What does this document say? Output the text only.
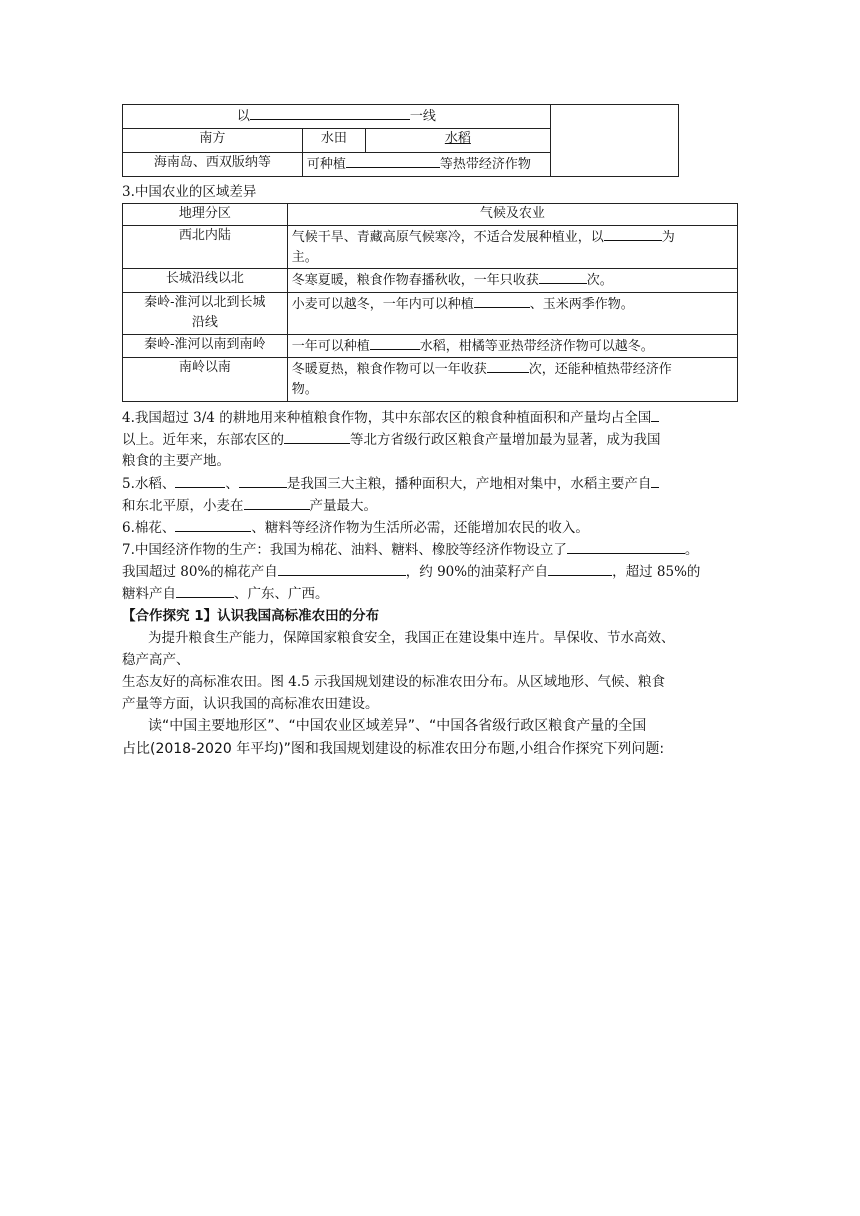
以 一线			
南方	水田	水稻	
海南岛、西双版纳等	可种植 等热带经济作物		
3.中国农业的区域差异
地理分区	气候及农业
西北内陆	气候干旱、青藏高原气候寒冷，不适合发展种植业，以 为
主。
长城沿线以北	冬寒夏暖，粮食作物春播秋收，一年只收获 次。
秦岭-淮河以北到长城
沿线	小麦可以越冬，一年内可以种植 、玉米两季作物。
秦岭-淮河以南到南岭	一年可以种植 水稻，柑橘等亚热带经济作物可以越冬。
南岭以南	冬暖夏热，粮食作物可以一年收获 次，还能种植热带经济作
物。
4.我国超过 3/4 的耕地用来种植粮食作物，其中东部农区的粮食种植面积和产量均占全国
以上。近年来，东部农区的	等北方省级行政区粮食产量增加最为显著，成为我国
粮食的主要产地。
5.水稻、	、	是我国三大主粮，播种面积大，产地相对集中，水稻主要产自
和东北平原，小麦在	产量最大。
6.棉花、	、糖料等经济作物为生活所必需，还能增加农民的收入。
7.中国经济作物的生产：我国为棉花、油料、糖料、橡胶等经济作物设立了	。
我国超过 80%的棉花产自	，约 90%的油菜籽产自	，超过 85%的
糖料产自	、广东、广西。
【合作探究 1】认识我国高标准农田的分布
为提升粮食生产能力，保障国家粮食安全，我国正在建设集中连片。旱保收、节水高效、
稳产高产、
生态友好的高标准农田。图 4.5 示我国规划建设的标准农田分布。从区域地形、气候、粮食
产量等方面，认识我国的高标准农田建设。
读“中国主要地形区”、“中国农业区域差异”、“中国各省级行政区粮食产量的全国
占比(2018-2020 年平均)”图和我国规划建设的标准农田分布题,小组合作探究下列问题:
